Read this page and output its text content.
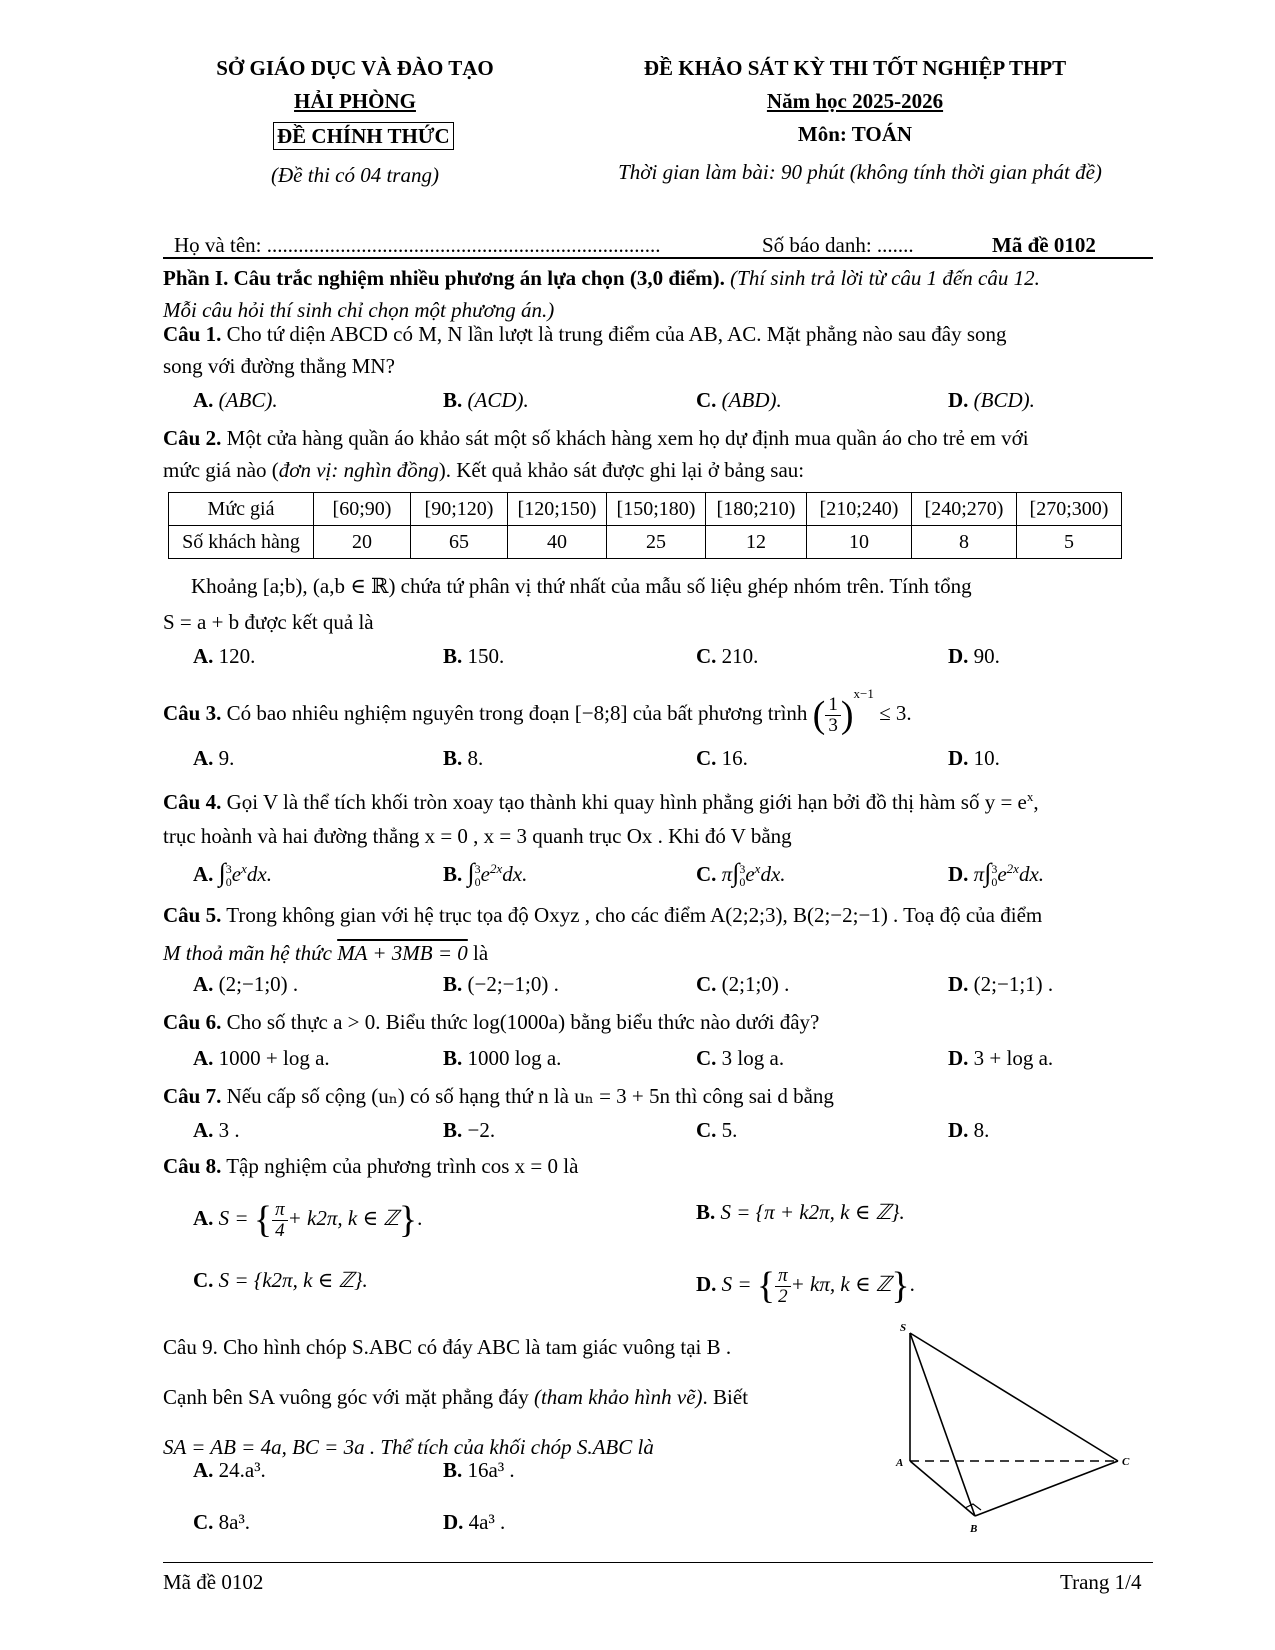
SỞ GIÁO DỤC VÀ ĐÀO TẠO
HẢI PHÒNG
ĐỀ CHÍNH THỨC
(Đề thi có 04 trang)
ĐỀ KHẢO SÁT KỲ THI TỐT NGHIỆP THPT
Năm học 2025-2026
Môn: TOÁN
Thời gian làm bài: 90 phút (không tính thời gian phát đề)
Họ và tên: ...........................................................................	Số báo danh: .......	Mã đề 0102
Phần I. Câu trắc nghiệm nhiều phương án lựa chọn (3,0 điểm). (Thí sinh trả lời từ câu 1 đến câu 12.
Mỗi câu hỏi thí sinh chỉ chọn một phương án.)
Câu 1. Cho tứ diện ABCD có M, N lần lượt là trung điểm của AB, AC. Mặt phẳng nào sau đây song
song với đường thẳng MN?
A. (ABC).	B. (ACD).	C. (ABD).	D. (BCD).
Câu 2. Một cửa hàng quần áo khảo sát một số khách hàng xem họ dự định mua quần áo cho trẻ em với
mức giá nào (đơn vị: nghìn đồng). Kết quả khảo sát được ghi lại ở bảng sau:
Mức giá	[60;90)	[90;120)	[120;150)	[150;180)	[180;210)	[210;240)	[240;270)	[270;300)
Số khách hàng	20	65	40	25	12	10	8	5
Khoảng [a;b), (a,b ∈ ℝ) chứa tứ phân vị thứ nhất của mẫu số liệu ghép nhóm trên. Tính tổng
S = a + b được kết quả là
A. 120.	B. 150.	C. 210.	D. 90.
Câu 3. Có bao nhiêu nghiệm nguyên trong đoạn [−8;8] của bất phương trình ( $\frac{1}{3} )^{x-1} \le 3$.
A. 9.	B. 8.	C. 16.	D. 10.
Câu 4. Gọi V là thể tích khối tròn xoay tạo thành khi quay hình phẳng giới hạn bởi đồ thị hàm số $y = e^x$,
trục hoành và hai đường thẳng x = 0 , x = 3 quanh trục Ox . Khi đó V bằng
A. $\int_0^3e^xdx$.	B. $\int_0^3e^{2x}dx$.	C. $\pi\int_0^3e^xdx$.	D. $\pi\int_0^3e^{2x}dx$.
Câu 5. Trong không gian với hệ trục tọa độ Oxyz , cho các điểm A(2;2;3), B(2;−2;−1) . Toạ độ của điểm
M thoả mãn hệ thức MA + 3MB = 0 là
A. (2;−1;0) .	B. (−2;−1;0) .	C. (2;1;0) .	D. (2;−1;1) .
Câu 6. Cho số thực a > 0. Biểu thức log(1000a) bằng biểu thức nào dưới đây?
A. 1000 + log a.	B. 1000 log a.	C. 3 log a.	D. 3 + log a.
Câu 7. Nếu cấp số cộng (uₙ) có số hạng thứ n là uₙ = 3 + 5n thì công sai d bằng
A. 3 .	B. −2.	C. 5.	D. 8.
Câu 8. Tập nghiệm của phương trình cos x = 0 là
A. S = { $\frac{\pi}{4} + k2\pi$, k ∈ ℤ}.	B. S = {π + k2π, k ∈ ℤ}.
C. S = {k2π, k ∈ ℤ}.	D. S = { $\frac{\pi}{2} + k\pi$, k ∈ ℤ}.
Câu 9. Cho hình chóp S.ABC có đáy ABC là tam giác vuông tại B .
Cạnh bên SA vuông góc với mặt phẳng đáy (tham khảo hình vẽ). Biết
SA = AB = 4a, BC = 3a . Thể tích của khối chóp S.ABC là
A. 24.a³.	B. 16a³ .
C. 8a³.	D. 4a³ .
S
A	C
B
Mã đề 0102	Trang 1/4
